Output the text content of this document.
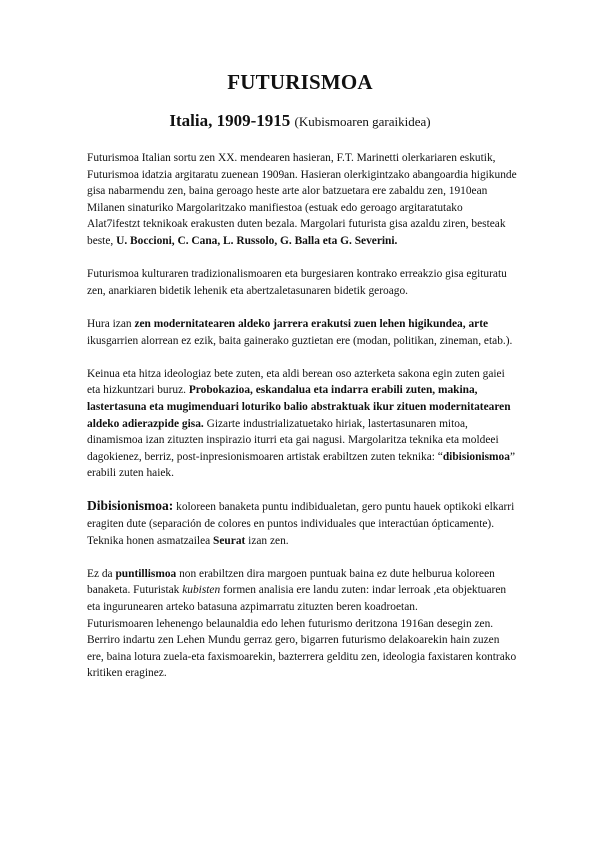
FUTURISMOA
Italia, 1909-1915 (Kubismoaren garaikidea)

Futurismoa Italian sortu zen XX. mendearen hasieran, F.T. Marinetti olerkariaren eskutik, Futurismoa idatzia argitaratu zuenean 1909an. Hasieran olerkigintzako abangoardia higikunde gisa nabarmendu zen, baina geroago heste arte alor batzuetara ere zabaldu zen, 1910ean Milanen sinaturiko Margolaritzako manifiestoa (estuak edo geroago argitaratutako Alat7ifestzt teknikoak erakusten duten bezala. Margolari futurista gisa azaldu ziren, besteak beste, U. Boccioni, C. Cana, L. Russolo, G. Balla eta G. Severini.

Futurismoa kulturaren tradizionalismoaren eta burgesiaren kontrako erreakzio gisa egituratu zen, anarkiaren bidetik lehenik eta abertzaletasunaren bidetik geroago.

Hura izan zen modernitatearen aldeko jarrera erakutsi zuen lehen higikundea, arte ikusgarrien alorrean ez ezik, baita gainerako guztietan ere (modan, politikan, zineman, etab.).

Keinua eta hitza ideologiaz bete zuten, eta aldi berean oso azterketa sakona egin zuten gaiei eta hizkuntzari buruz. Probokazioa, eskandalua eta indarra erabili zuten, makina, lastertasuna eta mugimenduari loturiko balio abstraktuak ikur zituen modernitatearen aldeko adierazpide gisa. Gizarte industrializatuetako hiriak, lastertasunaren mitoa, dinamismoa izan zituzten inspirazio iturri eta gai nagusi. Margolaritza teknika eta moldeei dagokienez, berriz, post-inpresionismoaren artistak erabiltzen zuten teknika: “dibisionismoa” erabili zuten haiek.

Dibisionismoa: koloreen banaketa puntu indibidualetan, gero puntu hauek optikoki elkarri eragiten dute (separación de colores en puntos individuales que interactúan ópticamente). Teknika honen asmatzailea Seurat izan zen.

Ez da puntillismoa non erabiltzen dira margoen puntuak baina ez dute helburua koloreen banaketa. Futuristak kubisten formen analisia ere landu zuten: indar lerroak ,eta objektuaren eta ingurunearen arteko batasuna azpimarratu zituzten beren koadroetan.

Futurismoaren lehenengo belaunaldia edo lehen futurismo deritzona 1916an desegin zen. Berriro indartu zen Lehen Mundu gerraz gero, bigarren futurismo delakoarekin hain zuzen ere, baina lotura zuela-eta faxismoarekin, bazterrera gelditu zen, ideologia faxistaren kontrako kritiken eraginez.
